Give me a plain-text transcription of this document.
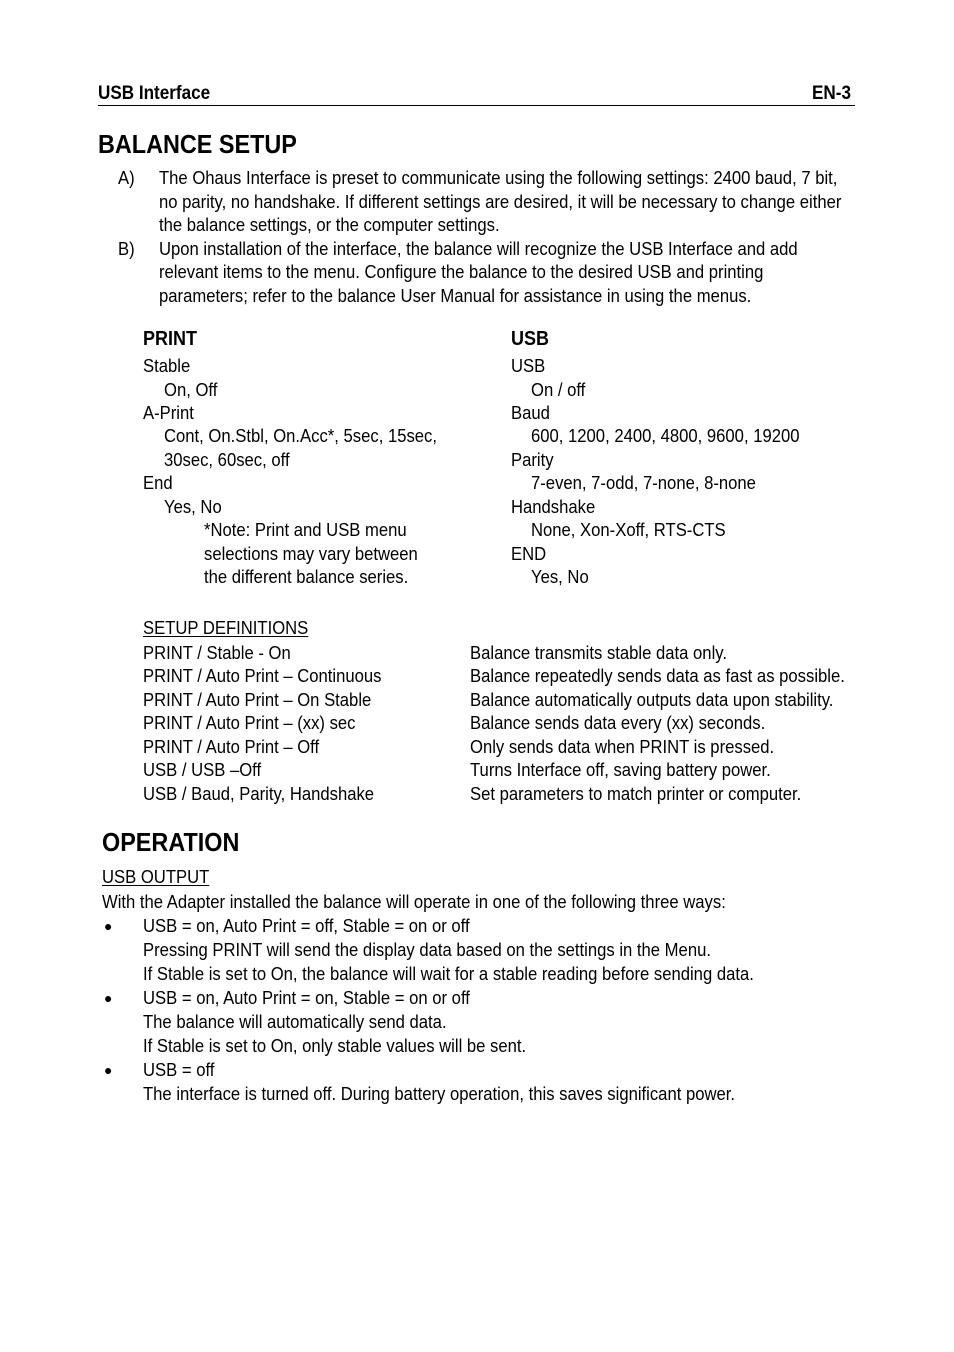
USB Interface	EN-3
BALANCE SETUP
A) The Ohaus Interface is preset to communicate using the following settings: 2400 baud, 7 bit,
no parity, no handshake. If different settings are desired, it will be necessary to change either
the balance settings, or the computer settings.
B) Upon installation of the interface, the balance will recognize the USB Interface and add
relevant items to the menu. Configure the balance to the desired USB and printing
parameters; refer to the balance User Manual for assistance in using the menus.
PRINT
Stable
On, Off
A-Print
Cont, On.Stbl, On.Acc*, 5sec, 15sec,
30sec, 60sec, off
End
Yes, No
*Note: Print and USB menu
selections may vary between
the different balance series.
USB
USB
On / off
Baud
600, 1200, 2400, 4800, 9600, 19200
Parity
7-even, 7-odd, 7-none, 8-none
Handshake
None, Xon-Xoff, RTS-CTS
END
Yes, No
SETUP DEFINITIONS
PRINT / Stable - On	Balance transmits stable data only.
PRINT / Auto Print – Continuous	Balance repeatedly sends data as fast as possible.
PRINT / Auto Print – On Stable	Balance automatically outputs data upon stability.
PRINT / Auto Print – (xx) sec	Balance sends data every (xx) seconds.
PRINT / Auto Print – Off	Only sends data when PRINT is pressed.
USB / USB –Off	Turns Interface off, saving battery power.
USB / Baud, Parity, Handshake	Set parameters to match printer or computer.
OPERATION
USB OUTPUT
With the Adapter installed the balance will operate in one of the following three ways:
● USB = on, Auto Print = off, Stable = on or off
Pressing PRINT will send the display data based on the settings in the Menu.
If Stable is set to On, the balance will wait for a stable reading before sending data.
● USB = on, Auto Print = on, Stable = on or off
The balance will automatically send data.
If Stable is set to On, only stable values will be sent.
● USB = off
The interface is turned off. During battery operation, this saves significant power.
